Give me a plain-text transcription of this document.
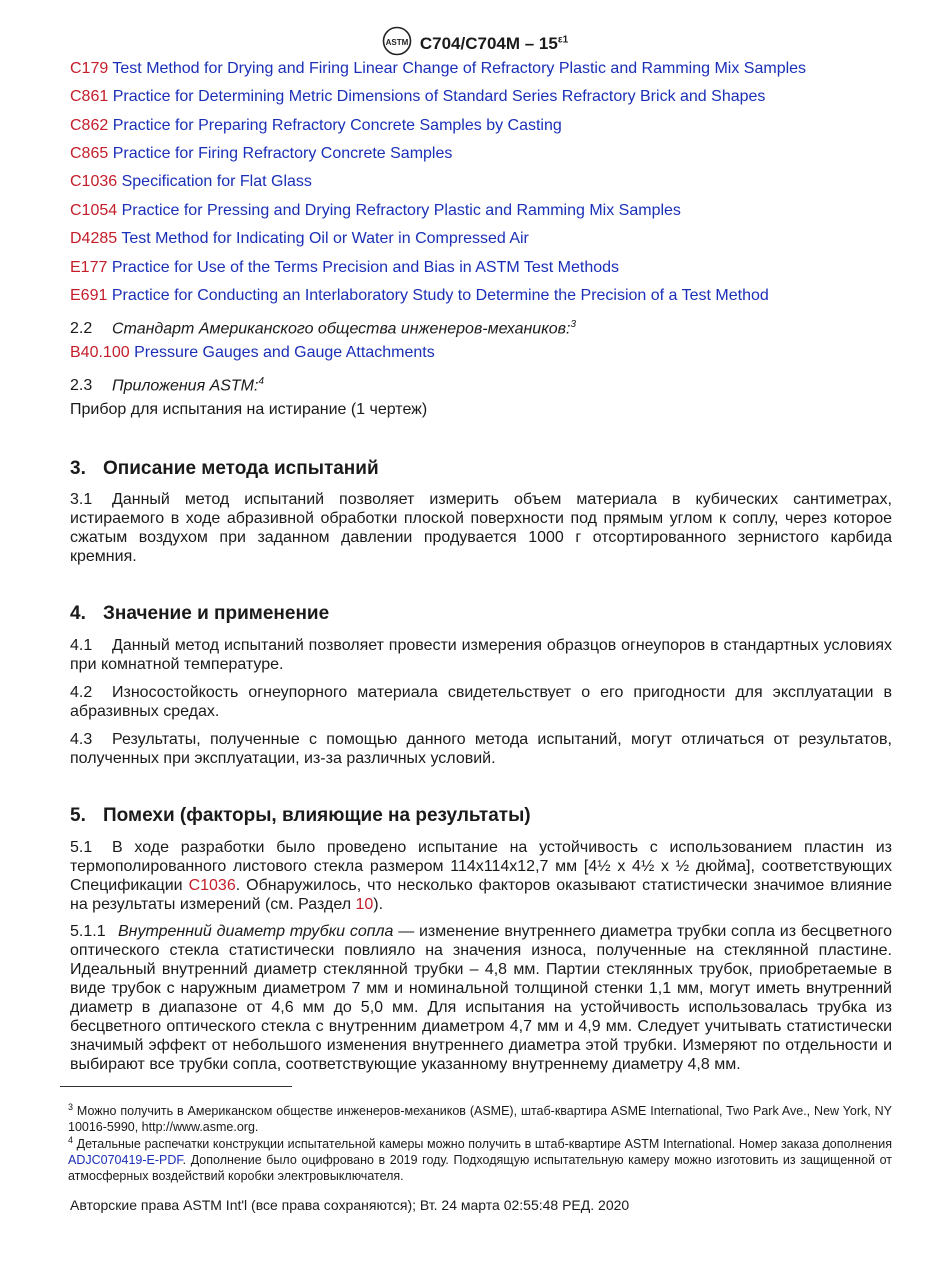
ASTM $C704/C704M - 15^{\varepsilon 1}$
C179 Test Method for Drying and Firing Linear Change of Refractory Plastic and Ramming Mix Samples
C861 Practice for Determining Metric Dimensions of Standard Series Refractory Brick and Shapes
C862 Practice for Preparing Refractory Concrete Samples by Casting
C865 Practice for Firing Refractory Concrete Samples
C1036 Specification for Flat Glass
C1054 Practice for Pressing and Drying Refractory Plastic and Ramming Mix Samples
D4285 Test Method for Indicating Oil or Water in Compressed Air
E177 Practice for Use of the Terms Precision and Bias in ASTM Test Methods
E691 Practice for Conducting an Interlaboratory Study to Determine the Precision of a Test Method
2.2 Стандарт Американского общества инженеров-механиков:$^3$
B40.100 Pressure Gauges and Gauge Attachments
2.3 Приложения ASTM:$^4$
Прибор для испытания на истирание (1 чертеж)
3. Описание метода испытаний
3.1 Данный метод испытаний позволяет измерить объем материала в кубических сантиметрах, истираемого в ходе абразивной обработки плоской поверхности под прямым углом к соплу, через которое сжатым воздухом при заданном давлении продувается 1000 г отсортированного зернистого карбида кремния.
4. Значение и применение
4.1 Данный метод испытаний позволяет провести измерения образцов огнеупоров в стандартных условиях при комнатной температуре.
4.2 Износостойкость огнеупорного материала свидетельствует о его пригодности для эксплуатации в абразивных средах.
4.3 Результаты, полученные с помощью данного метода испытаний, могут отличаться от результатов, полученных при эксплуатации, из-за различных условий.
5. Помехи (факторы, влияющие на результаты)
5.1 В ходе разработки было проведено испытание на устойчивость с использованием пластин из термополированного листового стекла размером 114х114х12,7 мм [4½ х 4½ х ½ дюйма], соответствующих Спецификации C1036. Обнаружилось, что несколько факторов оказывают статистически значимое влияние на результаты измерений (см. Раздел 10).
5.1.1 Внутренний диаметр трубки сопла — изменение внутреннего диаметра трубки сопла из бесцветного оптического стекла статистически повлияло на значения износа, полученные на стеклянной пластине. Идеальный внутренний диаметр стеклянной трубки – 4,8 мм. Партии стеклянных трубок, приобретаемые в виде трубок с наружным диаметром 7 мм и номинальной толщиной стенки 1,1 мм, могут иметь внутренний диаметр в диапазоне от 4,6 мм до 5,0 мм. Для испытания на устойчивость использовалась трубка из бесцветного оптического стекла с внутренним диаметром 4,7 мм и 4,9 мм. Следует учитывать статистически значимый эффект от небольшого изменения внутреннего диаметра этой трубки. Измеряют по отдельности и выбирают все трубки сопла, соответствующие указанному внутреннему диаметру 4,8 мм.
$^3$ Можно получить в Американском обществе инженеров-механиков (ASME), штаб-квартира ASME International, Two Park Ave., New York, NY 10016-5990, http://www.asme.org.
$^4$ Детальные распечатки конструкции испытательной камеры можно получить в штаб-квартире ASTM International. Номер заказа дополнения ADJC070419-E-PDF. Дополнение было оцифровано в 2019 году. Подходящую испытательную камеру можно изготовить из защищенной от атмосферных воздействий коробки электровыключателя.
Авторские права ASTM Int'l (все права сохраняются); Вт. 24 марта 02:55:48 РЕД. 2020
